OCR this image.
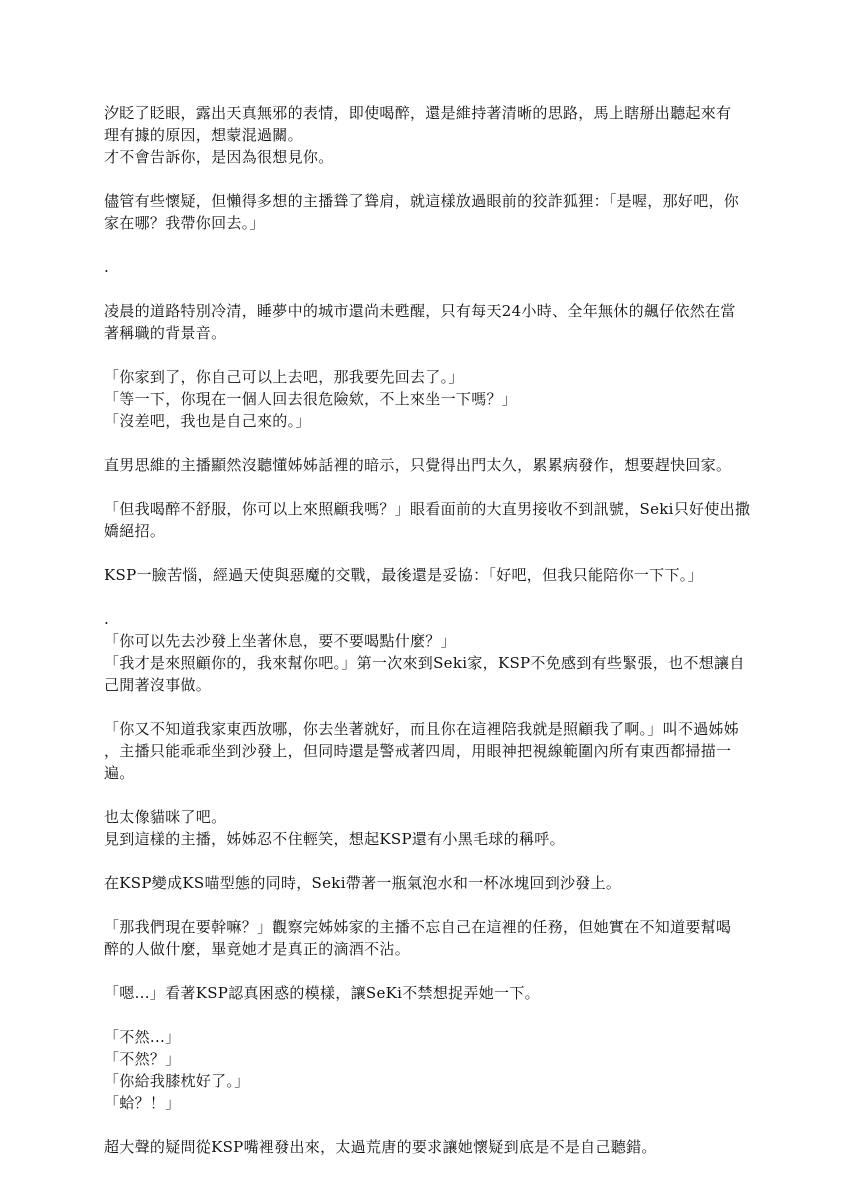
汐眨了眨眼，露出天真無邪的表情，即使喝醉，還是維持著清晰的思路，馬上瞎掰出聽起來有
理有據的原因，想蒙混過關。
才不會告訴你，是因為很想見你。
儘管有些懷疑，但懶得多想的主播聳了聳肩，就這樣放過眼前的狡詐狐狸：「是喔，那好吧，你
家在哪？我帶你回去。」
.
凌晨的道路特別冷清，睡夢中的城市還尚未甦醒，只有每天24小時、全年無休的飆仔依然在當
著稱職的背景音。
「你家到了，你自己可以上去吧，那我要先回去了。」
「等一下，你現在一個人回去很危險欸，不上來坐一下嗎？」
「沒差吧，我也是自己來的。」
直男思維的主播顯然沒聽懂姊姊話裡的暗示，只覺得出門太久，累累病發作，想要趕快回家。
「但我喝醉不舒服，你可以上來照顧我嗎？」眼看面前的大直男接收不到訊號，Seki只好使出撒
嬌絕招。
KSP一臉苦惱，經過天使與惡魔的交戰，最後還是妥協：「好吧，但我只能陪你一下下。」
.
「你可以先去沙發上坐著休息，要不要喝點什麼？」
「我才是來照顧你的，我來幫你吧。」第一次來到Seki家，KSP不免感到有些緊張，也不想讓自
己閒著沒事做。
「你又不知道我家東西放哪，你去坐著就好，而且你在這裡陪我就是照顧我了啊。」叫不過姊姊
，主播只能乖乖坐到沙發上，但同時還是警戒著四周，用眼神把視線範圍內所有東西都掃描一
遍。
也太像貓咪了吧。
見到這樣的主播，姊姊忍不住輕笑，想起KSP還有小黑毛球的稱呼。
在KSP變成KS喵型態的同時，Seki帶著一瓶氣泡水和一杯冰塊回到沙發上。
「那我們現在要幹嘛？」觀察完姊姊家的主播不忘自己在這裡的任務，但她實在不知道要幫喝
醉的人做什麼，畢竟她才是真正的滴酒不沾。
「嗯...」看著KSP認真困惑的模樣，讓SeKi不禁想捉弄她一下。
「不然...」
「不然？」
「你給我膝枕好了。」
「蛤？！」
超大聲的疑問從KSP嘴裡發出來，太過荒唐的要求讓她懷疑到底是不是自己聽錯。
